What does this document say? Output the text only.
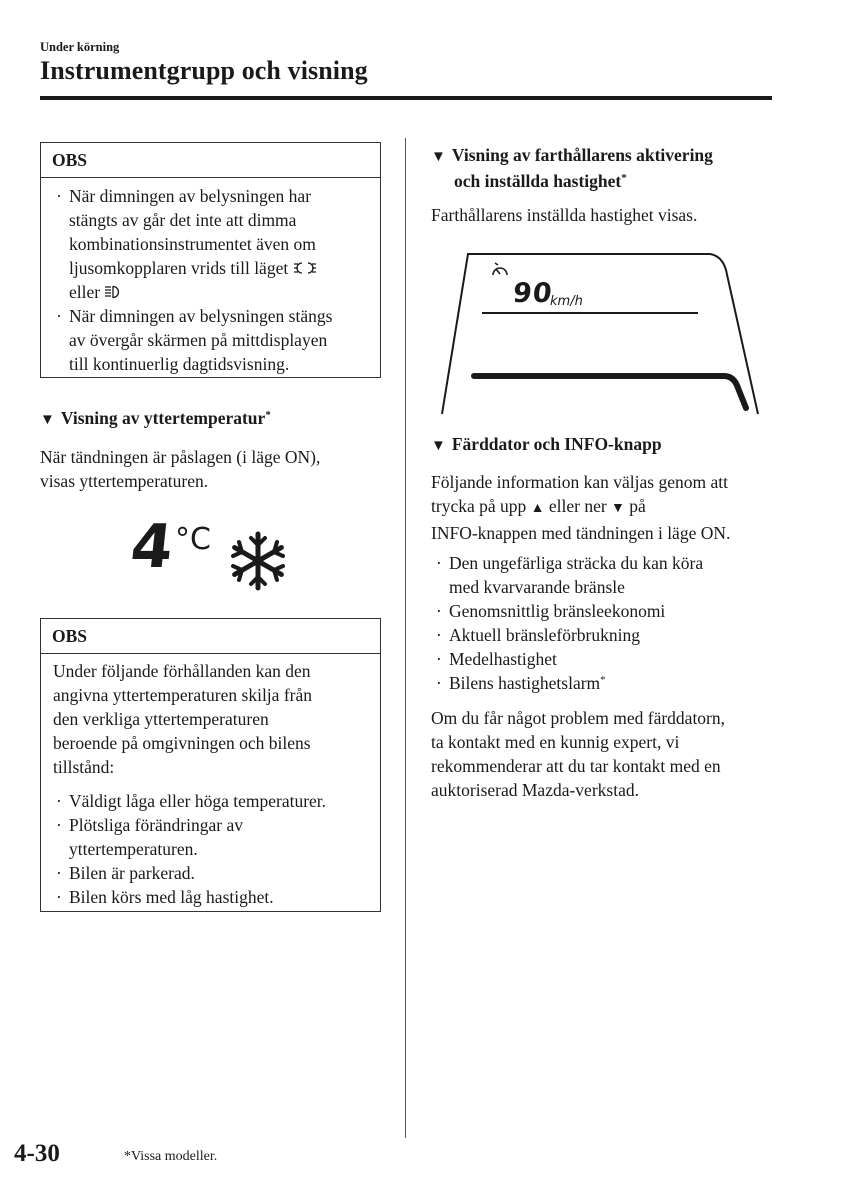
Under körning
Instrumentgrupp och visning
OBS
· När dimningen av belysningen har
stängts av går det inte att dimma
kombinationsinstrumentet även om
ljusomkopplaren vrids till läget
eller
· När dimningen av belysningen stängs
av övergår skärmen på mittdisplayen
till kontinuerlig dagtidsvisning.
▼ Visning av yttertemperatur*
När tändningen är påslagen (i läge ON),
visas yttertemperaturen.
4
°C
OBS
Under följande förhållanden kan den
angivna yttertemperaturen skilja från
den verkliga yttertemperaturen
beroende på omgivningen och bilens
tillstånd:
· Väldigt låga eller höga temperaturer.
· Plötsliga förändringar av
yttertemperaturen.
· Bilen är parkerad.
· Bilen körs med låg hastighet.
▼ Visning av farthållarens aktivering
och inställda hastighet*
Farthållarens inställda hastighet visas.
90
km/h
▼ Färddator och INFO-knapp
Följande information kan väljas genom att
trycka på upp ▲ eller ner ▼ på
INFO-knappen med tändningen i läge ON.
· Den ungefärliga sträcka du kan köra
med kvarvarande bränsle
· Genomsnittlig bränsleekonomi
· Aktuell bränsleförbrukning
· Medelhastighet
· Bilens hastighetslarm*
Om du får något problem med färddatorn,
ta kontakt med en kunnig expert, vi
rekommenderar att du tar kontakt med en
auktoriserad Mazda-verkstad.
4-30	*Vissa modeller.
